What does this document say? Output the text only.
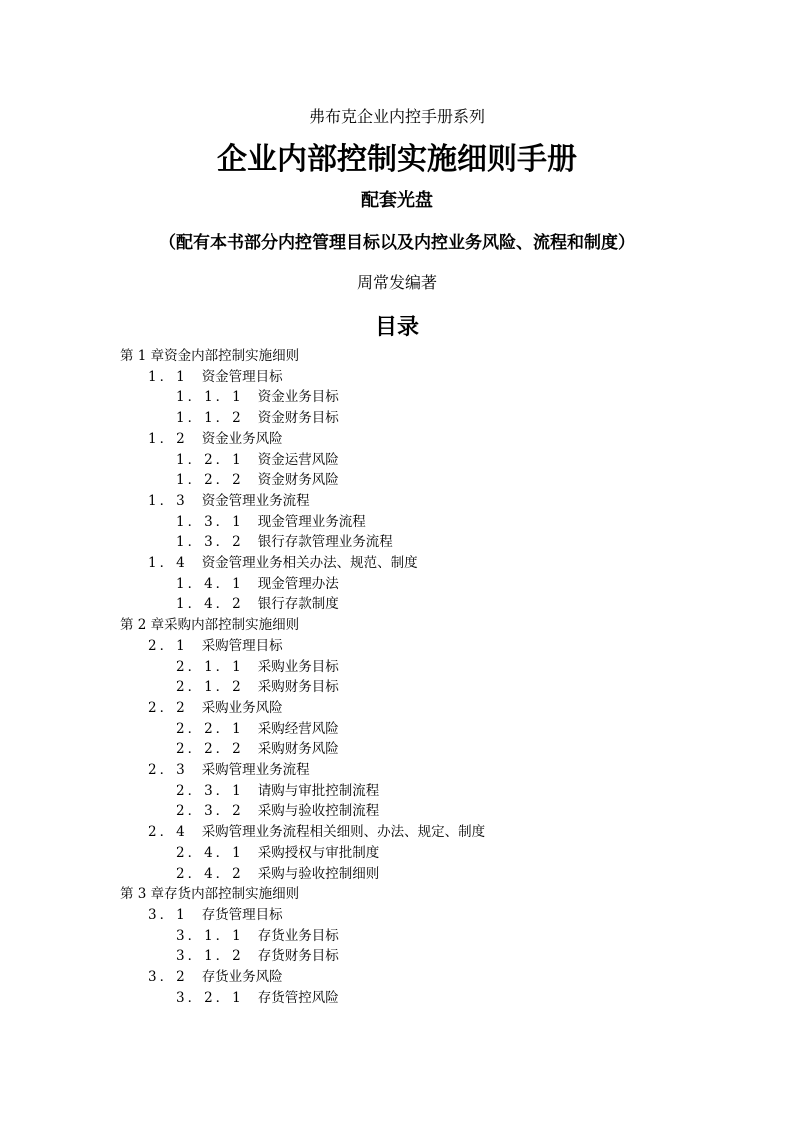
弗布克企业内控手册系列
企业内部控制实施细则手册
配套光盘
（配有本书部分内控管理目标以及内控业务风险、流程和制度）
周常发编著
目录
第 1 章资金内部控制实施细则
1．1 资金管理目标
1．1．1 资金业务目标
1．1．2 资金财务目标
1．2 资金业务风险
1．2．1 资金运营风险
1．2．2 资金财务风险
1．3 资金管理业务流程
1．3．1 现金管理业务流程
1．3．2 银行存款管理业务流程
1．4 资金管理业务相关办法、规范、制度
1．4．1 现金管理办法
1．4．2 银行存款制度
第 2 章采购内部控制实施细则
2．1 采购管理目标
2．1．1 采购业务目标
2．1．2 采购财务目标
2．2 采购业务风险
2．2．1 采购经营风险
2．2．2 采购财务风险
2．3 采购管理业务流程
2．3．1 请购与审批控制流程
2．3．2 采购与验收控制流程
2．4 采购管理业务流程相关细则、办法、规定、制度
2．4．1 采购授权与审批制度
2．4．2 采购与验收控制细则
第 3 章存货内部控制实施细则
3．1 存货管理目标
3．1．1 存货业务目标
3．1．2 存货财务目标
3．2 存货业务风险
3．2．1 存货管控风险
